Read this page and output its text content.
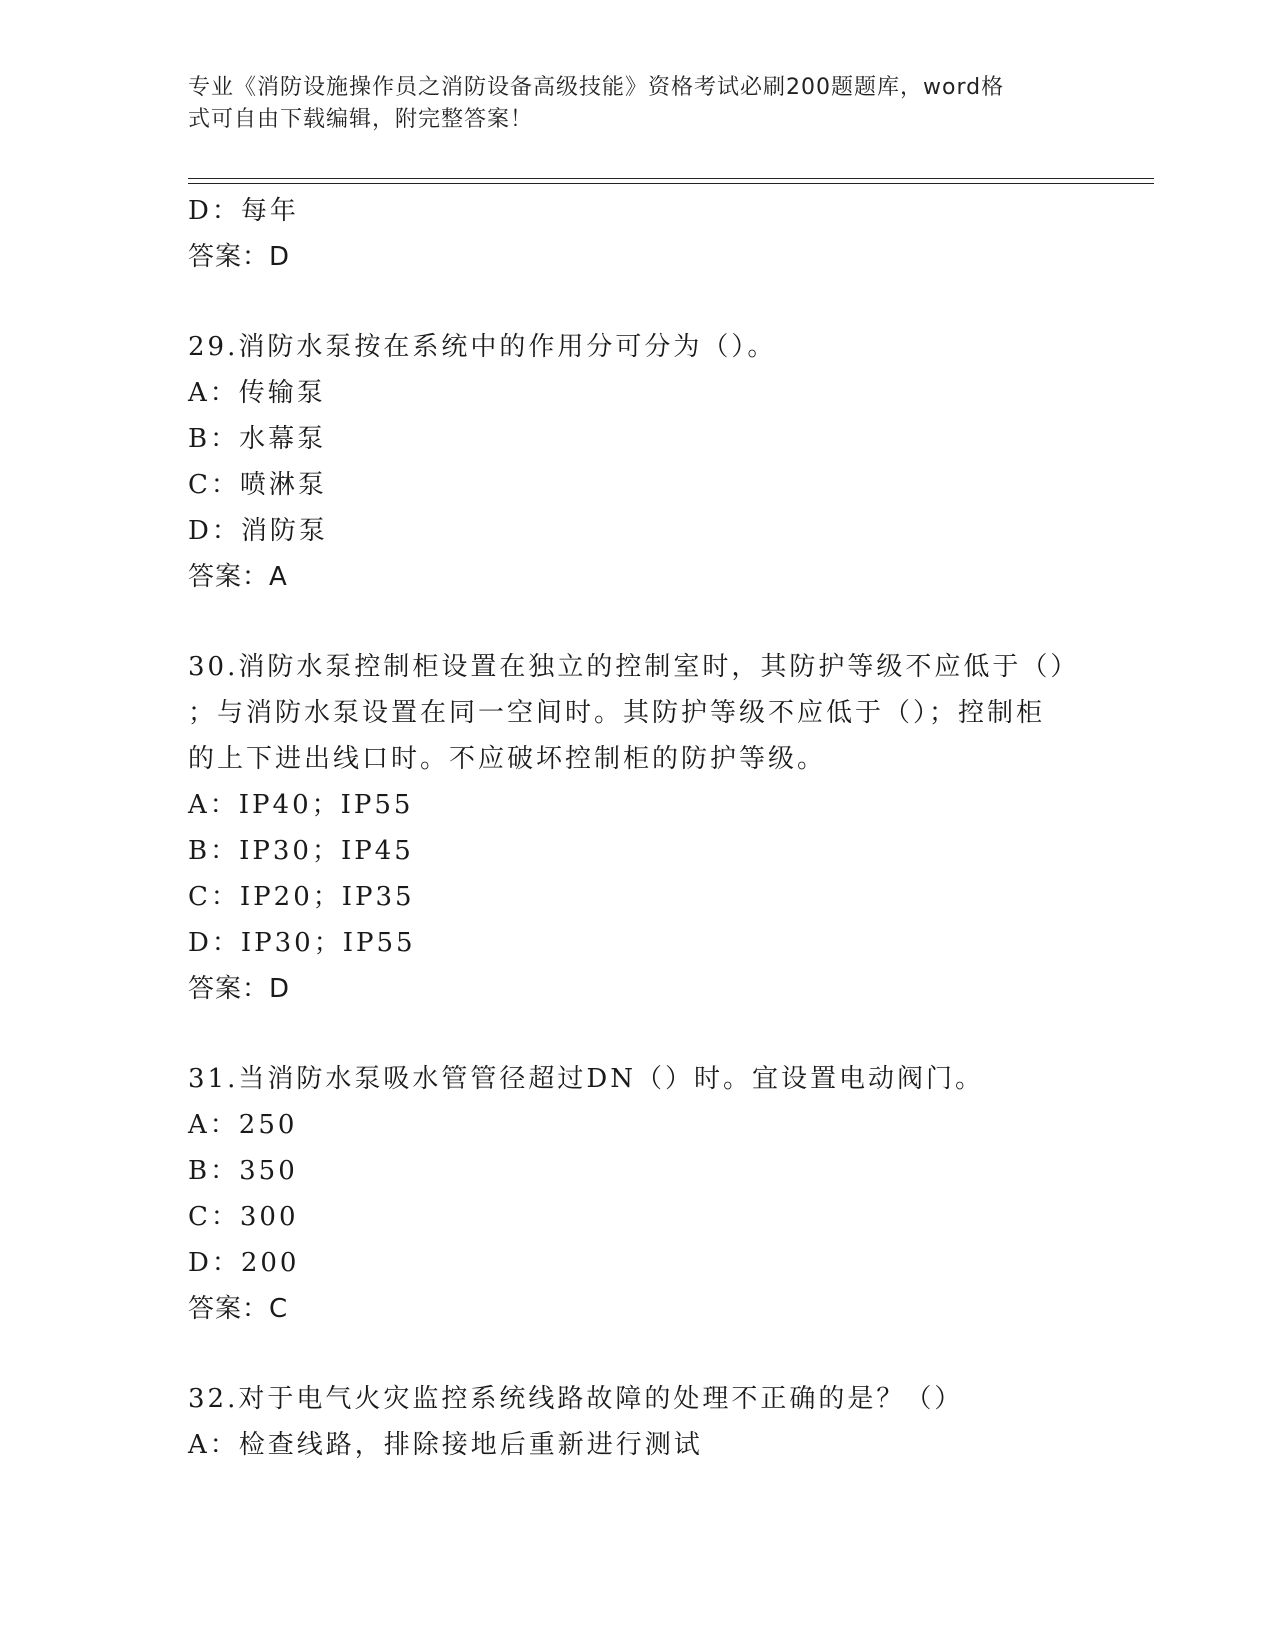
专业《消防设施操作员之消防设备高级技能》资格考试必刷200题题库，word格
式可自由下载编辑，附完整答案！
D：每年
答案：D
29.消防水泵按在系统中的作用分可分为（）。
A：传输泵
B：水幕泵
C：喷淋泵
D：消防泵
答案：A
30.消防水泵控制柜设置在独立的控制室时，其防护等级不应低于（）
；与消防水泵设置在同一空间时。其防护等级不应低于（）；控制柜
的上下进出线口时。不应破坏控制柜的防护等级。
A：IP40；IP55
B：IP30；IP45
C：IP20；IP35
D：IP30；IP55
答案：D
31.当消防水泵吸水管管径超过DN（）时。宜设置电动阀门。
A：250
B：350
C：300
D：200
答案：C
32.对于电气火灾监控系统线路故障的处理不正确的是？（）
A：检查线路，排除接地后重新进行测试
